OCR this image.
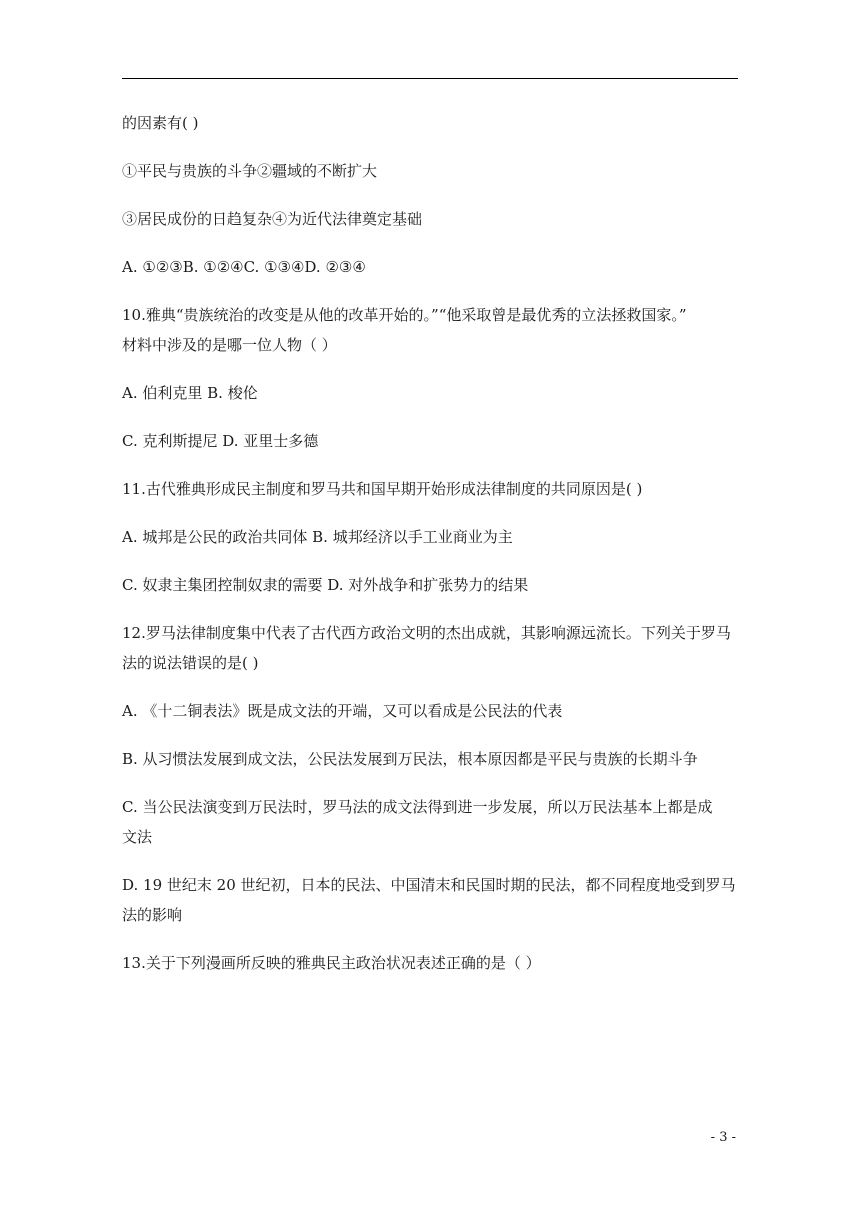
的因素有( )

①平民与贵族的斗争②疆域的不断扩大

③居民成份的日趋复杂④为近代法律奠定基础

A. ①②③B. ①②④C. ①③④D. ②③④

10.雅典“贵族统治的改变是从他的改革开始的。”“他采取曾是最优秀的立法拯救国家。”

材料中涉及的是哪一位人物（ ）

A. 伯利克里 B. 梭伦

C. 克利斯提尼 D. 亚里士多德

11.古代雅典形成民主制度和罗马共和国早期开始形成法律制度的共同原因是( )

A. 城邦是公民的政治共同体 B. 城邦经济以手工业商业为主

C. 奴隶主集团控制奴隶的需要 D. 对外战争和扩张势力的结果

12.罗马法律制度集中代表了古代西方政治文明的杰出成就，其影响源远流长。下列关于罗马

法的说法错误的是( )

A. 《十二铜表法》既是成文法的开端，又可以看成是公民法的代表

B. 从习惯法发展到成文法，公民法发展到万民法，根本原因都是平民与贵族的长期斗争

C. 当公民法演变到万民法时，罗马法的成文法得到进一步发展，所以万民法基本上都是成

文法

D. 19 世纪末 20 世纪初，日本的民法、中国清末和民国时期的民法，都不同程度地受到罗马

法的影响

13.关于下列漫画所反映的雅典民主政治状况表述正确的是（ ）

- 3 -
